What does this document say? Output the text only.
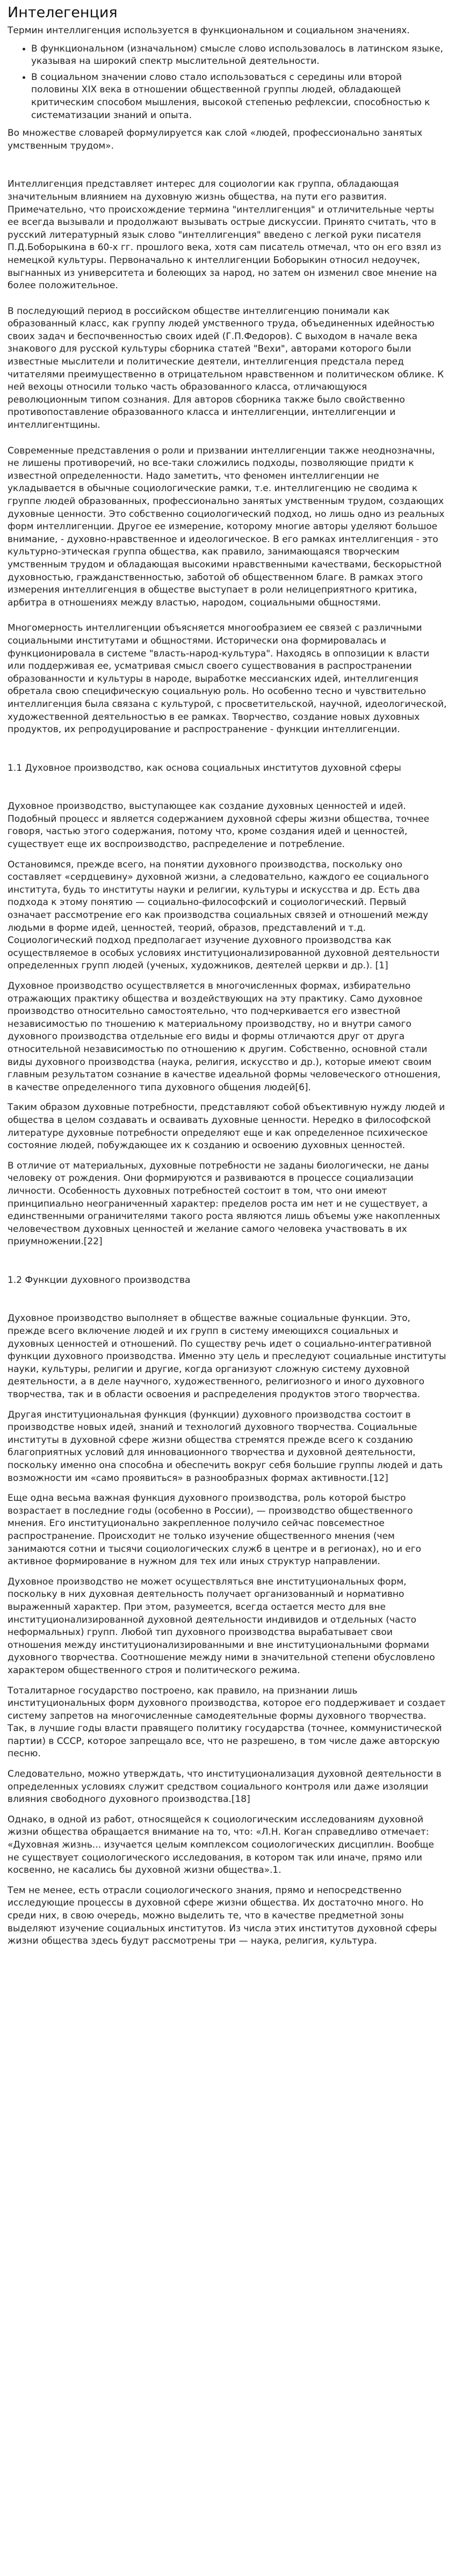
Интелегенция

Термин интеллигенция используется в функциональном и социальном значениях.

• В функциональном (изначальном) смысле слово использовалось в латинском языке, указывая на широкий спектр мыслительной деятельности.
• В социальном значении слово стало использоваться с середины или второй половины XIX века в отношении общественной группы людей, обладающей критическим способом мышления, высокой степенью рефлексии, способностью к систематизации знаний и опыта.

Во множестве словарей формулируется как слой «людей, профессионально занятых умственным трудом».

Интеллигенция представляет интерес для социологии как группа, обладающая значительным влиянием на духовную жизнь общества, на пути его развития. Примечательно, что происхождение термина "интеллигенция" и отличительные черты ее всегда вызывали и продолжают вызывать острые дискуссии. Принято считать, что в русский литературный язык слово "интеллигенция" введено с легкой руки писателя П.Д.Боборыкина в 60-х гг. прошлого века, хотя сам писатель отмечал, что он его взял из немецкой культуры. Первоначально к интеллигенции Боборыкин относил недоучек, выгнанных из университета и болеющих за народ, но затем он изменил свое мнение на более положительное.

В последующий период в российском обществе интеллигенцию понимали как образованный класс, как группу людей умственного труда, объединенных идейностью своих задач и беспочвенностью своих идей (Г.П.Федоров). С выходом в начале века знакового для русской культуры сборника статей "Вехи", авторами которого были известные мыслители и политические деятели, интеллигенция предстала перед читателями преимущественно в отрицательном нравственном и политическом облике. К ней вехоцы относили только часть образованного класса, отличающуюся революционным типом сознания. Для авторов сборника также было свойственно противопоставление образованного класса и интеллигенции, интеллигенции и интеллигентщины.

Современные представления о роли и призвании интеллигенции также неоднозначны, не лишены противоречий, но все-таки сложились подходы, позволяющие придти к известной определенности. Надо заметить, что феномен интеллигенции не укладывается в обычные социологические рамки, т.е. интеллигенцию не сводима к группе людей образованных, профессионально занятых умственным трудом, создающих духовные ценности. Это собственно социологический подход, но лишь одно из реальных форм интеллигенции. Другое ее измерение, которому многие авторы уделяют большое внимание, - духовно-нравственное и идеологическое. В его рамках интеллигенция - это культурно-этическая группа общества, как правило, занимающаяся творческим умственным трудом и обладающая высокими нравственными качествами, бескорыстной духовностью, гражданственностью, заботой об общественном благе. В рамках этого измерения интеллигенция в обществе выступает в роли нелицеприятного критика, арбитра в отношениях между властью, народом, социальными общностями.

Многомерность интеллигенции объясняется многообразием ее связей с различными социальными институтами и общностями. Исторически она формировалась и функционировала в системе "власть-народ-культура". Находясь в оппозиции к власти или поддерживая ее, усматривая смысл своего существования в распространении образованности и культуры в народе, выработке мессианских идей, интеллигенция обретала свою специфическую социальную роль. Но особенно тесно и чувствительно интеллигенция была связана с культурой, с просветительской, научной, идеологической, художественной деятельностью в ее рамках. Творчество, создание новых духовных продуктов, их репродуцирование и распространение - функции интеллигенции.

1.1 Духовное производство, как основа социальных институтов духовной сферы

Духовное производство, выступающее как создание духовных ценностей и идей. Подобный процесс и является содержанием духовной сферы жизни общества, точнее говоря, частью этого содержания, потому что, кроме создания идей и ценностей, существует еще их воспроизводство, распределение и потребление.

Остановимся, прежде всего, на понятии духовного производства, поскольку оно составляет «сердцевину» духовной жизни, а следовательно, каждого ее социального института, будь то институты науки и религии, культуры и искусства и др. Есть два подхода к этому понятию — социально-философский и социологический. Первый означает рассмотрение его как производства социальных связей и отношений между людьми в форме идей, ценностей, теорий, образов, представлений и т.д. Социологический подход предполагает изучение духовного производства как осуществляемое в особых условиях институционализированной духовной деятельности определенных групп людей (ученых, художников, деятелей церкви и др.). [1]

Духовное производство осуществляется в многочисленных формах, избирательно отражающих практику общества и воздействующих на эту практику. Само духовное производство относительно самостоятельно, что подчеркивается его известной независимостью по тношению к материальному производству, но и внутри самого духовного производства отдельные его виды и формы отличаются друг от друга относительной независимостью по отношению к другим. Собственно, основной стали виды духовного производства (наука, религия, искусство и др.), которые имеют своим главным результатом сознание в качестве идеальной формы человеческого отношения, в качестве определенного типа духовного общения людей[6].

Таким образом духовные потребности, представляют собой объективную нужду людей и общества в целом создавать и осваивать духовные ценности. Нередко в философской литературе духовные потребности определяют еще и как определенное психическое состояние людей, побуждающее их к созданию и освоению духовных ценностей.

В отличие от материальных, духовные потребности не заданы биологически, не даны человеку от рождения. Они формируются и развиваются в процессе социализации личности. Особенность духовных потребностей состоит в том, что они имеют принципиально неограниченный характер: пределов роста им нет и не существует, а единственными ограничителями такого роста являются лишь объемы уже накопленных человечеством духовных ценностей и желание самого человека участвовать в их приумножении.[22]

1.2 Функции духовного производства

Духовное производство выполняет в обществе важные социальные функции. Это, прежде всего включение людей и их групп в систему имеющихся социальных и духовных ценностей и отношений. По существу речь идет о социально-интегративной функции духовного производства. Именно эту цель и преследуют социальные институты науки, культуры, религии и другие, когда организуют сложную систему духовной деятельности, а в деле научного, художественного, религиозного и иного духовного творчества, так и в области освоения и распределения продуктов этого творчества.

Другая институциональная функция (функции) духовного производства состоит в производстве новых идей, знаний и технологий духовного творчества. Социальные институты в духовной сфере жизни общества стремятся прежде всего к созданию благоприятных условий для инновационного творчества и духовной деятельности, поскольку именно она способна и обеспечить вокруг себя большие группы людей и дать возможности им «само проявиться» в разнообразных формах активности.[12]

Еще одна весьма важная функция духовного производства, роль которой быстро возрастает в последние годы (особенно в России), — производство общественного мнения. Его институционально закрепленное получило сейчас повсеместное распространение. Происходит не только изучение общественного мнения (чем занимаются сотни и тысячи социологических служб в центре и в регионах), но и его активное формирование в нужном для тех или иных структур направлении.

Духовное производство не может осуществляться вне институциональных форм, поскольку в них духовная деятельность получает организованный и нормативно выраженный характер. При этом, разумеется, всегда остается место для вне институционализированной духовной деятельности индивидов и отдельных (часто неформальных) групп. Любой тип духовного производства вырабатывает свои отношения между институционализированными и вне институциональными формами духовного творчества. Соотношение между ними в значительной степени обусловлено характером общественного строя и политического режима.

Тоталитарное государство построено, как правило, на признании лишь институциональных форм духовного производства, которое его поддерживает и создает систему запретов на многочисленные самодеятельные формы духовного творчества. Так, в лучшие годы власти правящего политику государства (точнее, коммунистической партии) в СССР, которое запрещало все, что не разрешено, в том числе даже авторскую песню.

Следовательно, можно утверждать, что институционализация духовной деятельности в определенных условиях служит средством социального контроля или даже изоляции влияния свободного духовного производства.[18]

Однако, в одной из работ, относящейся к социологическим исследованиям духовной жизни общества обращается внимание на то, что: «Л.Н. Коган справедливо отмечает: «Духовная жизнь... изучается целым комплексом социологических дисциплин. Вообще не существует социологического исследования, в котором так или иначе, прямо или косвенно, не касались бы духовной жизни общества».1.

Тем не менее, есть отрасли социологического знания, прямо и непосредственно исследующие процессы в духовной сфере жизни общества. Их достаточно много. Но среди них, в свою очередь, можно выделить те, что в качестве предметной зоны выделяют изучение социальных институтов. Из числа этих институтов духовной сферы жизни общества здесь будут рассмотрены три — наука, религия, культура.
